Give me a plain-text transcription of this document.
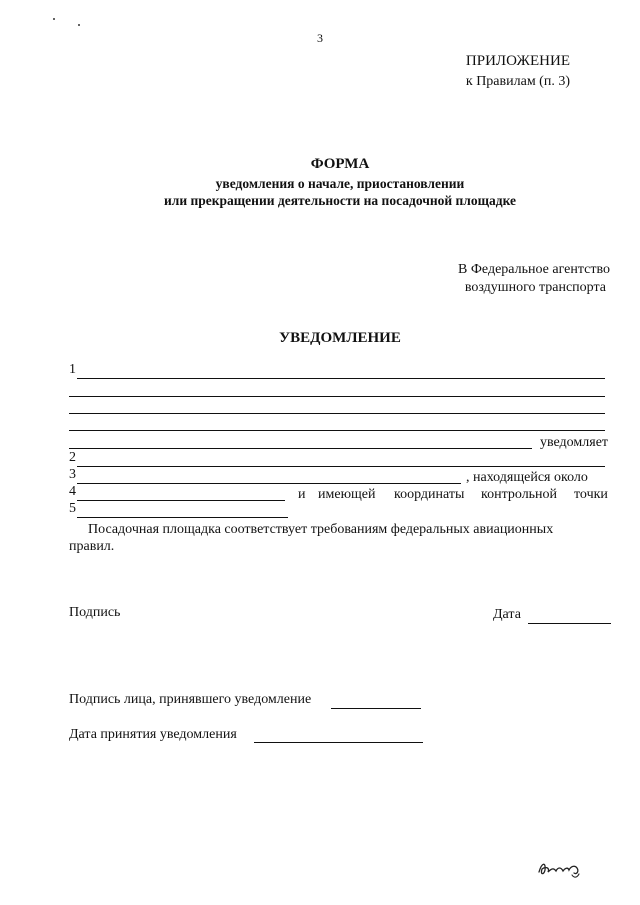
3
ПРИЛОЖЕНИЕ
к Правилам (п. 3)
ФОРМА
уведомления о начале, приостановлении
или прекращении деятельности на посадочной площадке
В Федеральное агентство
воздушного транспорта
УВЕДОМЛЕНИЕ
1
уведомляет
2
3	, находящейся около
4	и имеющей координаты контрольной точки
5
Посадочная площадка соответствует требованиям федеральных авиационных
правил.
Подпись	Дата
Подпись лица, принявшего уведомление
Дата принятия уведомления
